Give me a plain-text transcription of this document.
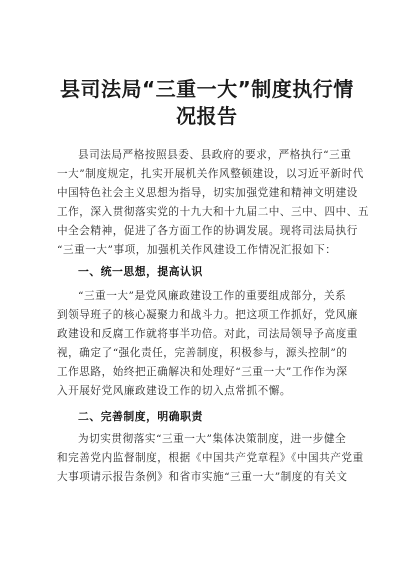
县司法局“三重一大”制度执行情
况报告
县司法局严格按照县委、县政府的要求，严格执行“三重
一大”制度规定，扎实开展机关作风整顿建设，以习近平新时代
中国特色社会主义思想为指导，切实加强党建和精神文明建设
工作，深入贯彻落实党的十九大和十九届二中、三中、四中、五
中全会精神，促进了各方面工作的协调发展。现将司法局执行
“三重一大”事项，加强机关作风建设工作情况汇报如下：
一、统一思想，提高认识
“三重一大”是党风廉政建设工作的重要组成部分，关系
到领导班子的核心凝聚力和战斗力。把这项工作抓好，党风廉
政建设和反腐工作就将事半功倍。对此，司法局领导予高度重
视，确定了“强化责任，完善制度，积极参与，源头控制”的
工作思路，始终把正确解决和处理好“三重一大”工作作为深
入开展好党风廉政建设工作的切入点常抓不懈。
二、完善制度，明确职责
为切实贯彻落实“三重一大”集体决策制度，进一步健全
和完善党内监督制度，根据《中国共产党章程》《中国共产党重
大事项请示报告条例》和省市实施“三重一大”制度的有关文
